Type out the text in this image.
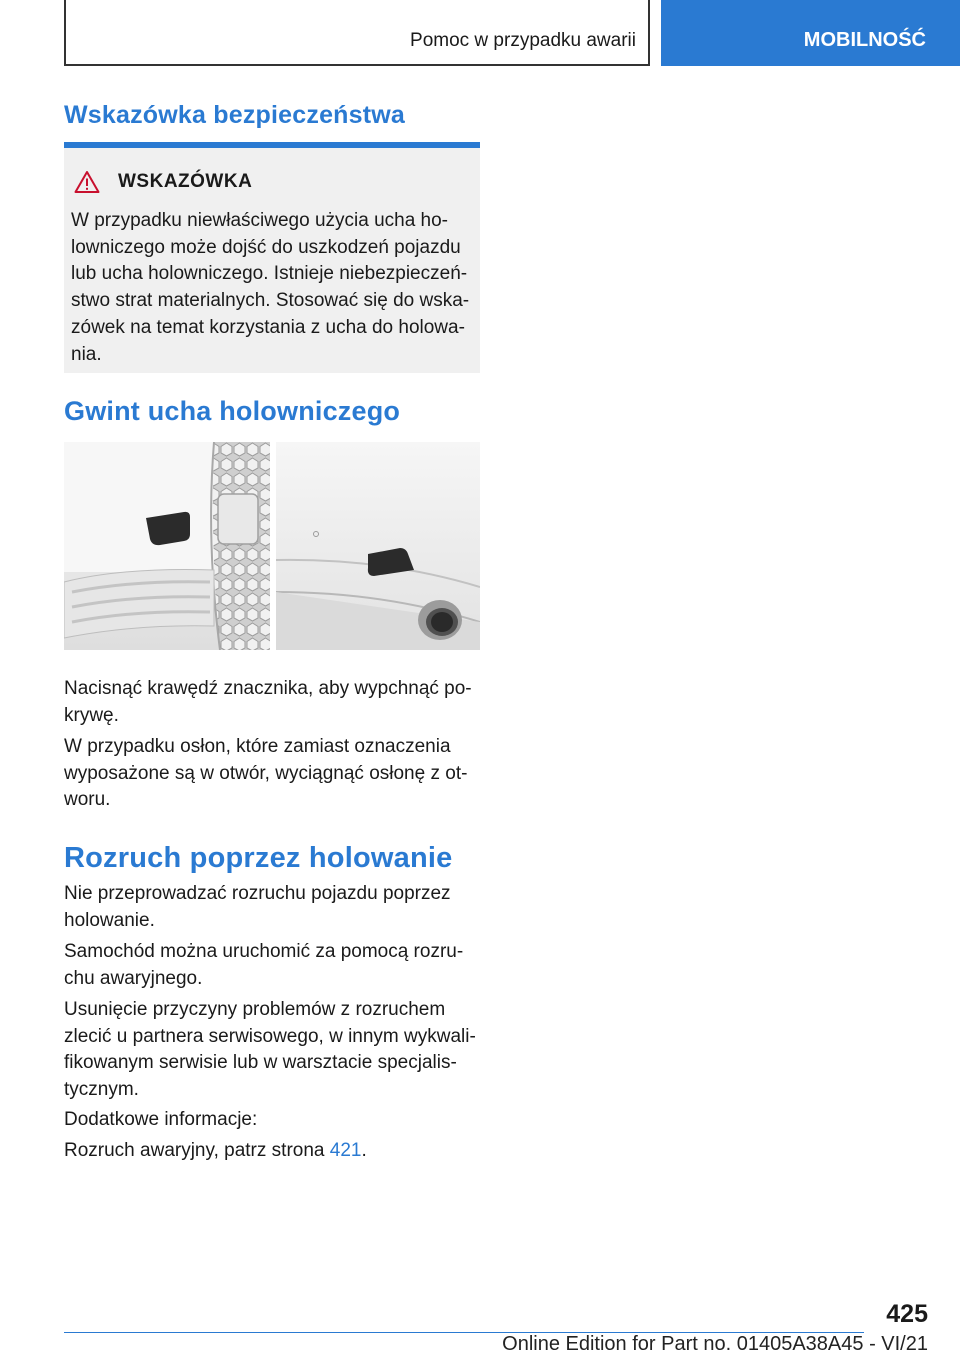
Pomoc w przypadku awarii	MOBILNOŚĆ
Wskazówka bezpieczeństwa
WSKAZÓWKA

W przypadku niewłaściwego użycia ucha ho-
lowniczego może dojść do uszkodzeń pojazdu
lub ucha holowniczego. Istnieje niebezpieczeń-
stwo strat materialnych. Stosować się do wska-
zówek na temat korzystania z ucha do holowa-
nia.

Gwint ucha holowniczego

Nacisnąć krawędź znacznika, aby wypchnąć po-
krywę.

W przypadku osłon, które zamiast oznaczenia
wyposażone są w otwór, wyciągnąć osłonę z ot-
woru.

Rozruch poprzez holowanie

Nie przeprowadzać rozruchu pojazdu poprzez
holowanie.

Samochód można uruchomić za pomocą rozru-
chu awaryjnego.

Usunięcie przyczyny problemów z rozruchem
zlecić u partnera serwisowego, w innym wykwali-
fikowanym serwisie lub w warsztacie specjalis-
tycznym.

Dodatkowe informacje:

Rozruch awaryjny, patrz strona 421.

425
Online Edition for Part no. 01405A38A45 - VI/21
